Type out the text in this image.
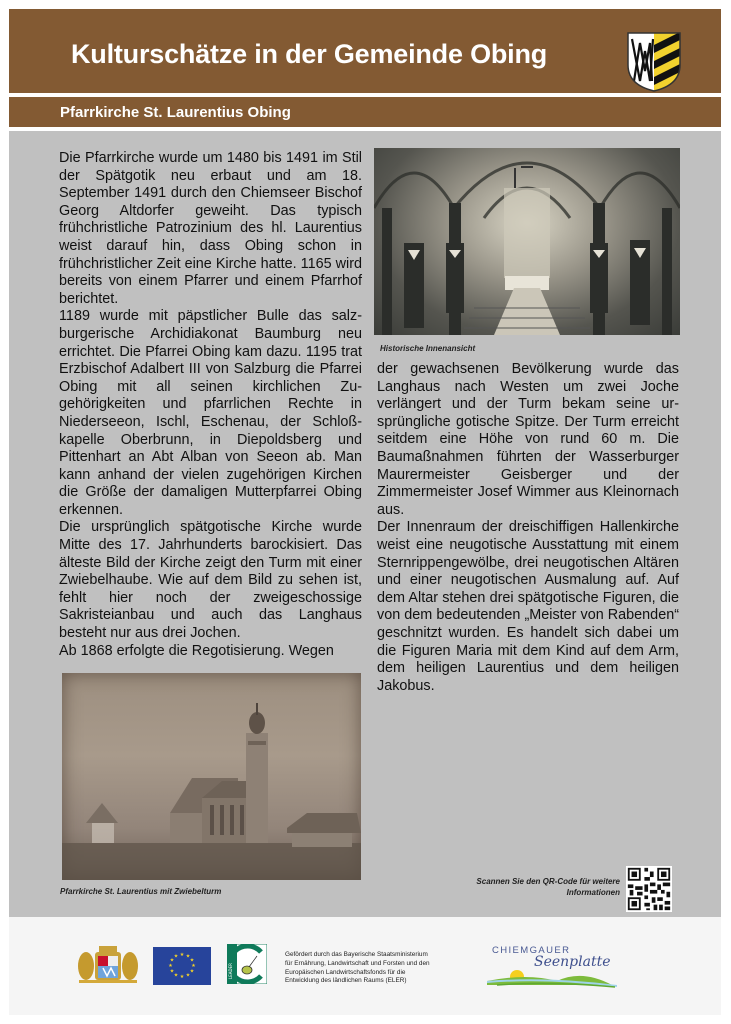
Kulturschätze in der Gemeinde Obing
Pfarrkirche St. Laurentius Obing

Die Pfarrkirche wurde um 1480 bis 1491 im Stil der Spätgotik neu erbaut und am 18. September 1491 durch den Chiemseer Bischof Georg Altdorfer geweiht. Das typisch frühchristliche Patrozinium des hl. Laurentius weist darauf hin, dass Obing schon in frühchristlicher Zeit eine Kirche hatte. 1165 wird bereits von einem Pfarrer und einem Pfarrhof berichtet.

1189 wurde mit päpstlicher Bulle das salzburgerische Archidiakonat Baumburg neu errichtet. Die Pfarrei Obing kam dazu. 1195 trat Erzbischof Adalbert III von Salzburg die Pfarrei Obing mit all seinen kirchlichen Zugehörigkeiten und pfarrlichen Rechte in Niederseeon, Ischl, Eschenau, der Schloßkapelle Oberbrunn, in Diepoldsberg und Pittenhart an Abt Alban von Seeon ab. Man kann anhand der vielen zugehörigen Kirchen die Größe der damaligen Mutterpfarrei Obing erkennen.

Die ursprünglich spätgotische Kirche wurde Mitte des 17. Jahrhunderts barockisiert. Das älteste Bild der Kirche zeigt den Turm mit einer Zwiebelhaube. Wie auf dem Bild zu sehen ist, fehlt hier noch der zweigeschossige Sakristeianbau und auch das Langhaus besteht nur aus drei Jochen.

Ab 1868 erfolgte die Regotisierung. Wegen

Historische Innenansicht

der gewachsenen Bevölkerung wurde das Langhaus nach Westen um zwei Joche verlängert und der Turm bekam seine ursprüngliche gotische Spitze. Der Turm erreicht seitdem eine Höhe von rund 60 m. Die Baumaßnahmen führten der Wasserburger Maurermeister Geisberger und der Zimmermeister Josef Wimmer aus Kleinornach aus.

Der Innenraum der dreischiffigen Hallenkirche weist eine neugotische Ausstattung mit einem Sternrippengewölbe, drei neugotischen Altären und einer neugotischen Ausmalung auf. Auf dem Altar stehen drei spätgotische Figuren, die von dem bedeutenden „Meister von Rabenden“ geschnitzt wurden. Es handelt sich dabei um die Figuren Maria mit dem Kind auf dem Arm, dem heiligen Laurentius und dem heiligen Jakobus.

Pfarrkirche St. Laurentius mit Zwiebelturm
Scannen Sie den QR-Code für weitere
Informationen
★ ★
★
★
★
★
★
★
★
★
★
★
LEADER
Gefördert durch das Bayerische Staatsministerium
für Ernährung, Landwirtschaft und Forsten und den
Europäischen Landwirtschaftsfonds für die
Entwicklung des ländlichen Raums (ELER)
CHIEMGAUER
Seenplatte
